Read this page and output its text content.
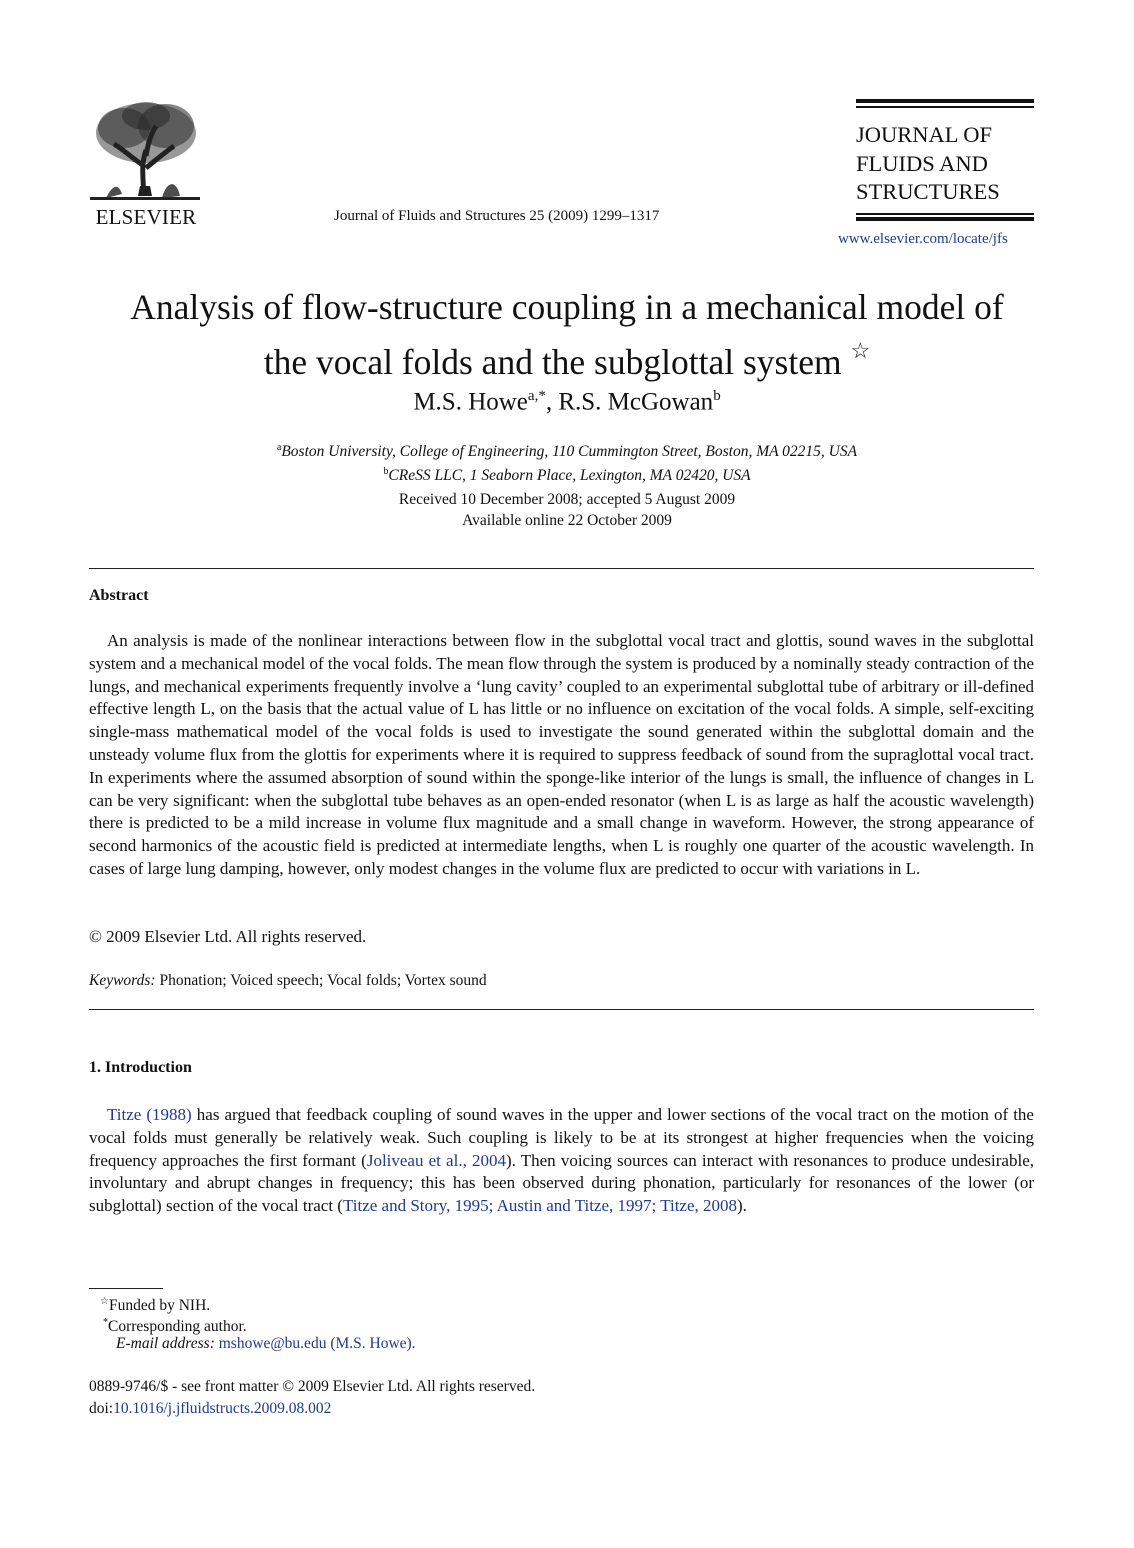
ELSEVIER	Journal of Fluids and Structures 25 (2009) 1299–1317
JOURNAL OF
FLUIDS AND
STRUCTURES
www.elsevier.com/locate/jfs
Analysis of flow-structure coupling in a mechanical model of
the vocal folds and the subglottal system ☆
M.S. Howe$^{a,*}$, R.S. McGowan$^b$
$^a$Boston University, College of Engineering, 110 Cummington Street, Boston, MA 02215, USA
$^b$CReSS LLC, 1 Seaborn Place, Lexington, MA 02420, USA
Received 10 December 2008; accepted 5 August 2009
Available online 22 October 2009
Abstract

An analysis is made of the nonlinear interactions between flow in the subglottal vocal tract and glottis, sound waves in the subglottal system and a mechanical model of the vocal folds. The mean flow through the system is produced by a nominally steady contraction of the lungs, and mechanical experiments frequently involve a ‘lung cavity’ coupled to an experimental subglottal tube of arbitrary or ill-defined effective length L, on the basis that the actual value of L has little or no influence on excitation of the vocal folds. A simple, self-exciting single-mass mathematical model of the vocal folds is used to investigate the sound generated within the subglottal domain and the unsteady volume flux from the glottis for experiments where it is required to suppress feedback of sound from the supraglottal vocal tract. In experiments where the assumed absorption of sound within the sponge-like interior of the lungs is small, the influence of changes in L can be very significant: when the subglottal tube behaves as an open-ended resonator (when L is as large as half the acoustic wavelength) there is predicted to be a mild increase in volume flux magnitude and a small change in waveform. However, the strong appearance of second harmonics of the acoustic field is predicted at intermediate lengths, when L is roughly one quarter of the acoustic wavelength. In cases of large lung damping, however, only modest changes in the volume flux are predicted to occur with variations in L.

© 2009 Elsevier Ltd. All rights reserved.
Keywords: Phonation; Voiced speech; Vocal folds; Vortex sound
1. Introduction

Titze (1988) has argued that feedback coupling of sound waves in the upper and lower sections of the vocal tract on the motion of the vocal folds must generally be relatively weak. Such coupling is likely to be at its strongest at higher frequencies when the voicing frequency approaches the first formant (Joliveau et al., 2004). Then voicing sources can interact with resonances to produce undesirable, involuntary and abrupt changes in frequency; this has been observed during phonation, particularly for resonances of the lower (or subglottal) section of the vocal tract (Titze and Story, 1995; Austin and Titze, 1997; Titze, 2008).

☆Funded by NIH.
*Corresponding author.
E-mail address: mshowe@bu.edu (M.S. Howe).
0889-9746/$ - see front matter © 2009 Elsevier Ltd. All rights reserved.
doi:10.1016/j.jfluidstructs.2009.08.002
